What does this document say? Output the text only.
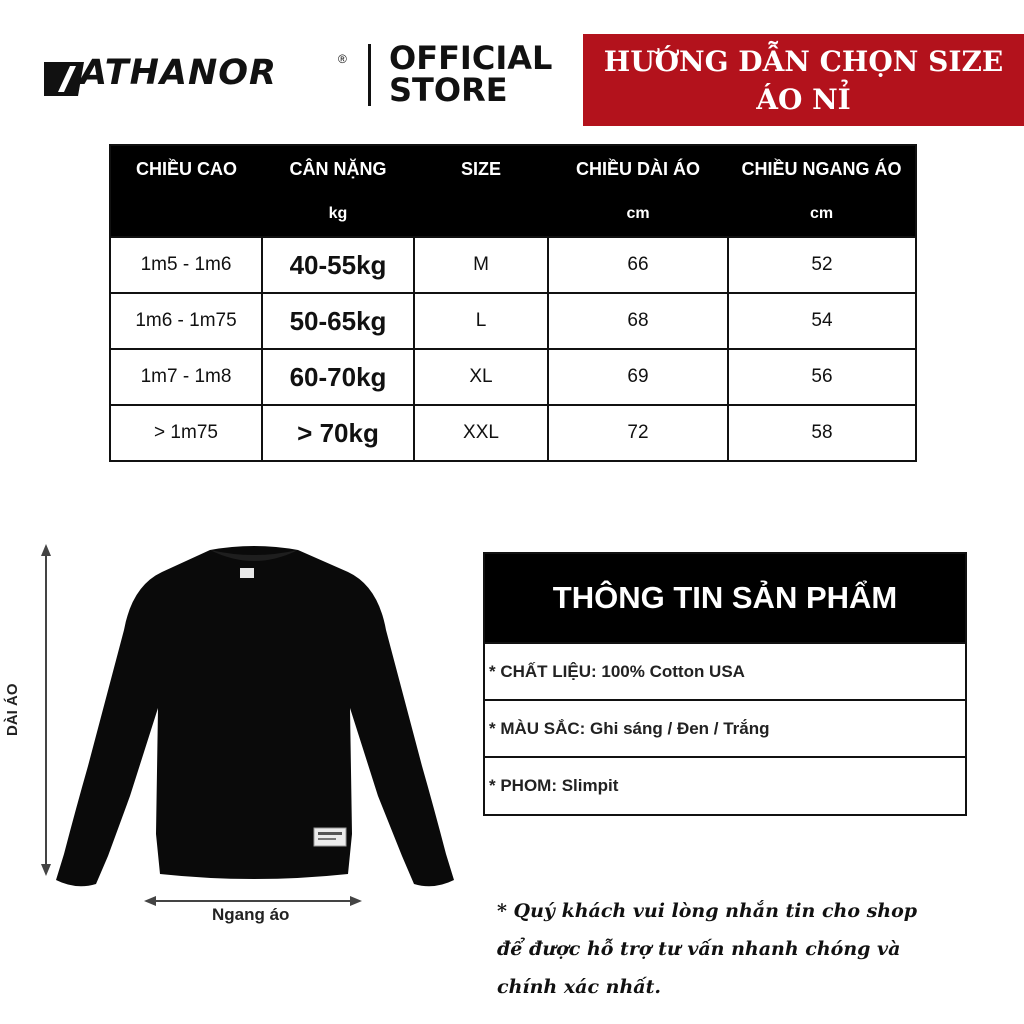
ATHANOR	® OFFICIAL
STORE
HƯỚNG DẪN CHỌN SIZE
ÁO NỈ
CHIỀU CAO	CÂN NẶNG	SIZE	CHIỀU DÀI ÁO	CHIỀU NGANG ÁO
	kg		cm	cm
1m5 - 1m6	40-55kg	M	66	52
1m6 - 1m75	50-65kg	L	68	54
1m7 - 1m8	60-70kg	XL	69	56
> 1m75	> 70kg	XXL	72	58
DÀI ÁO
Ngang áo
THÔNG TIN SẢN PHẨM
* CHẤT LIỆU: 100% Cotton USA
* MÀU SẮC: Ghi sáng / Đen / Trắng
* PHOM: Slimpit
* Quý khách vui lòng nhắn tin cho shop
để được hỗ trợ tư vấn nhanh chóng và
chính xác nhất.
